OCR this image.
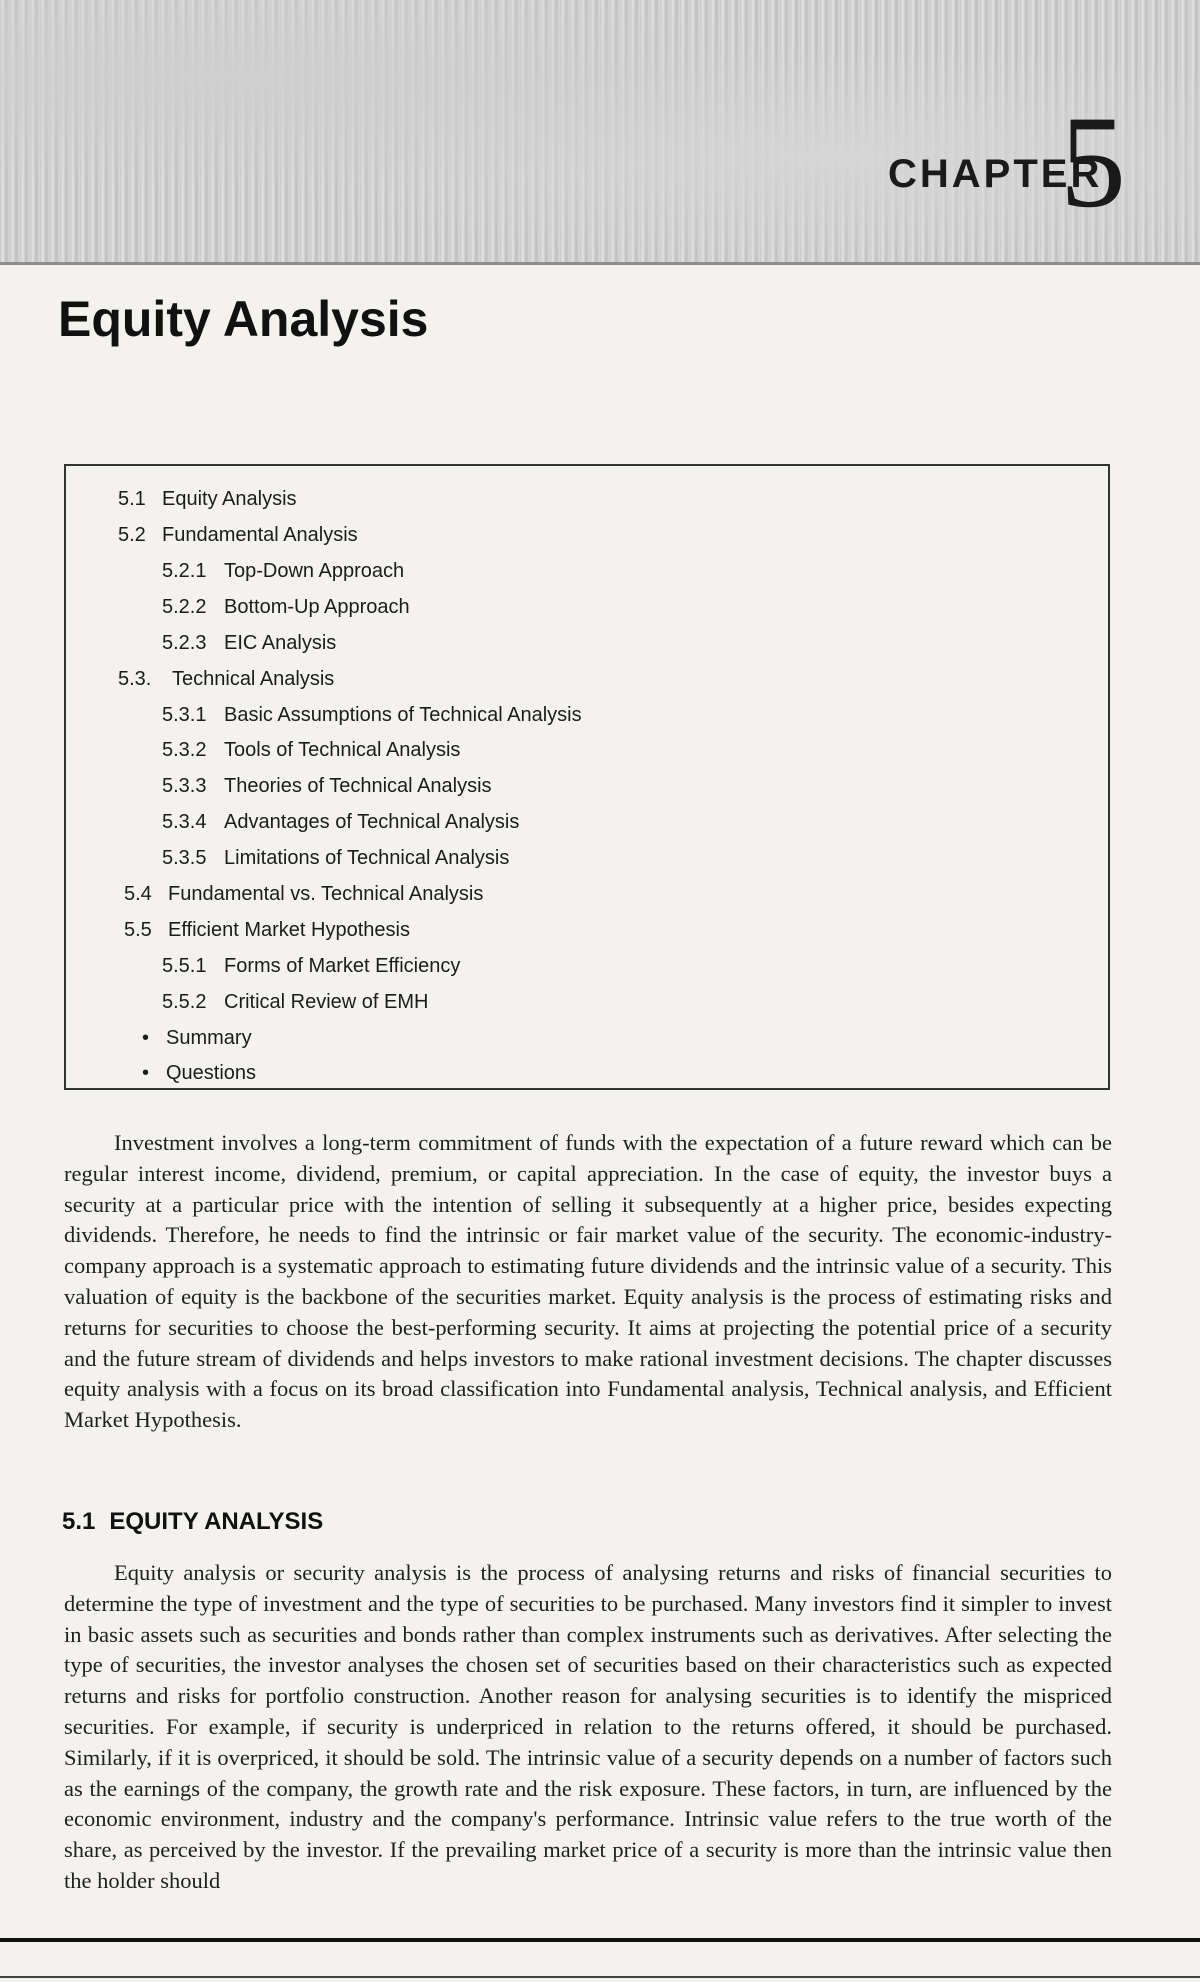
CHAPTER
5
Equity Analysis
5.1 Equity Analysis
5.2 Fundamental Analysis
5.2.1 Top-Down Approach
5.2.2 Bottom-Up Approach
5.2.3 EIC Analysis
5.3. Technical Analysis
5.3.1 Basic Assumptions of Technical Analysis
5.3.2 Tools of Technical Analysis
5.3.3 Theories of Technical Analysis
5.3.4 Advantages of Technical Analysis
5.3.5 Limitations of Technical Analysis
5.4 Fundamental vs. Technical Analysis
5.5 Efficient Market Hypothesis
5.5.1 Forms of Market Efficiency
5.5.2 Critical Review of EMH
• Summary
• Questions

Investment involves a long-term commitment of funds with the expectation of a future reward which can be regular interest income, dividend, premium, or capital appreciation. In the case of equity, the investor buys a security at a particular price with the intention of selling it subsequently at a higher price, besides expecting dividends. Therefore, he needs to find the intrinsic or fair market value of the security. The economic-industry-company approach is a systematic approach to estimating future dividends and the intrinsic value of a security. This valuation of equity is the backbone of the securities market. Equity analysis is the process of estimating risks and returns for securities to choose the best-performing security. It aims at projecting the potential price of a security and the future stream of dividends and helps investors to make rational investment decisions. The chapter discusses equity analysis with a focus on its broad classification into Fundamental analysis, Technical analysis, and Efficient Market Hypothesis.

5.1 EQUITY ANALYSIS

Equity analysis or security analysis is the process of analysing returns and risks of financial securities to determine the type of investment and the type of securities to be purchased. Many investors find it simpler to invest in basic assets such as securities and bonds rather than complex instruments such as derivatives. After selecting the type of securities, the investor analyses the chosen set of securities based on their characteristics such as expected returns and risks for portfolio construction. Another reason for analysing securities is to identify the mispriced securities. For example, if security is underpriced in relation to the returns offered, it should be purchased. Similarly, if it is overpriced, it should be sold. The intrinsic value of a security depends on a number of factors such as the earnings of the company, the growth rate and the risk exposure. These factors, in turn, are influenced by the economic environment, industry and the company's performance. Intrinsic value refers to the true worth of the share, as perceived by the investor. If the prevailing market price of a security is more than the intrinsic value then the holder should
